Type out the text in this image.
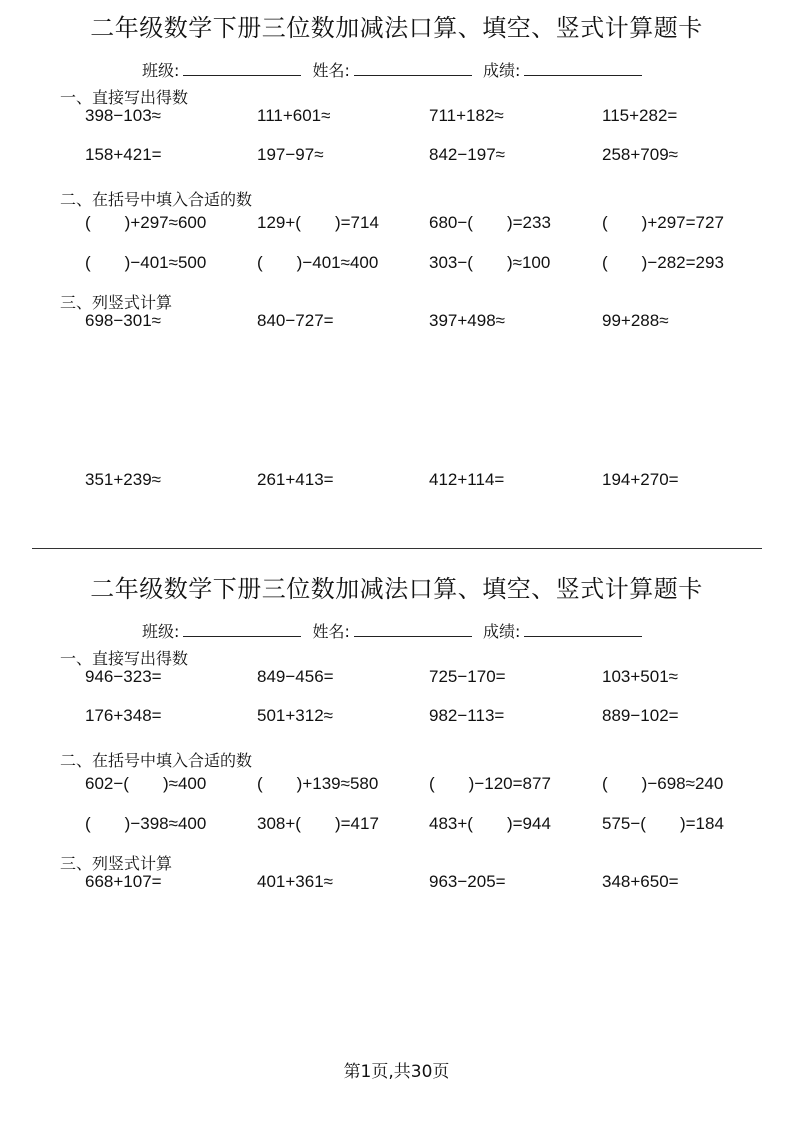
二年级数学下册三位数加减法口算、填空、竖式计算题卡
班级:	姓名:	成绩:
一、直接写出得数
398−103≈	111+601≈	711+182≈	115+282=
158+421=	197−97≈	842−197≈	258+709≈
二、在括号中填入合适的数
(　　)+297≈600	129+(　　)=714	680−(　　)=233	(　　)+297=727
(　　)−401≈500	(　　)−401≈400	303−(　　)≈100	(　　)−282=293
三、列竖式计算
698−301≈	840−727=	397+498≈	99+288≈
351+239≈	261+413=	412+114=	194+270=
二年级数学下册三位数加减法口算、填空、竖式计算题卡
班级:	姓名:	成绩:
一、直接写出得数
946−323=	849−456=	725−170=	103+501≈
176+348=	501+312≈	982−113=	889−102=
二、在括号中填入合适的数
602−(　　)≈400	(　　)+139≈580	(　　)−120=877	(　　)−698≈240
(　　)−398≈400	308+(　　)=417	483+(　　)=944	575−(　　)=184
三、列竖式计算
668+107=	401+361≈	963−205=	348+650=
第1页,共30页
